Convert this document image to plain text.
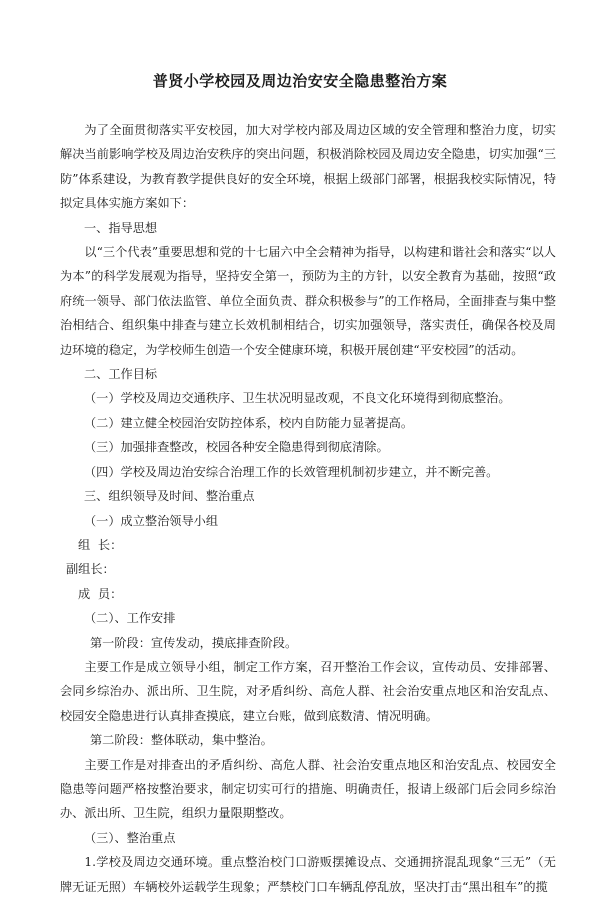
普贤小学校园及周边治安安全隐患整治方案

为了全面贯彻落实平安校园，加大对学校内部及周边区域的安全管理和整治力度，切实解决当前影响学校及周边治安秩序的突出问题，积极消除校园及周边安全隐患，切实加强“三防”体系建设，为教育教学提供良好的安全环境，根据上级部门部署，根据我校实际情况，特拟定具体实施方案如下：

一、指导思想

以“三个代表”重要思想和党的十七届六中全会精神为指导，以构建和谐社会和落实“以人为本”的科学发展观为指导，坚持安全第一，预防为主的方针，以安全教育为基础，按照“政府统一领导、部门依法监管、单位全面负责、群众积极参与”的工作格局，全面排查与集中整治相结合、组织集中排查与建立长效机制相结合，切实加强领导，落实责任，确保各校及周边环境的稳定，为学校师生创造一个安全健康环境，积极开展创建“平安校园”的活动。

二、工作目标

（一）学校及周边交通秩序、卫生状况明显改观，不良文化环境得到彻底整治。

（二）建立健全校园治安防控体系，校内自防能力显著提高。

（三）加强排查整改，校园各种安全隐患得到彻底清除。

（四）学校及周边治安综合治理工作的长效管理机制初步建立，并不断完善。

三、组织领导及时间、整治重点

（一）成立整治领导小组

组  长：

副组长：

成  员：

（二）、工作安排

第一阶段：宣传发动，摸底排查阶段。

主要工作是成立领导小组，制定工作方案，召开整治工作会议，宣传动员、安排部署、会同乡综治办、派出所、卫生院，对矛盾纠纷、高危人群、社会治安重点地区和治安乱点、校园安全隐患进行认真排查摸底，建立台账，做到底数清、情况明确。

第二阶段：整体联动，集中整治。

主要工作是对排查出的矛盾纠纷、高危人群、社会治安重点地区和治安乱点、校园安全隐患等问题严格按整治要求，制定切实可行的措施、明确责任，报请上级部门后会同乡综治办、派出所、卫生院，组织力量限期整改。

（三）、整治重点

1.学校及周边交通环境。重点整治校门口游贩摆摊设点、交通拥挤混乱现象“三无”（无牌无证无照）车辆校外运载学生现象；严禁校门口车辆乱停乱放，坚决打击“黑出租车”的揽
